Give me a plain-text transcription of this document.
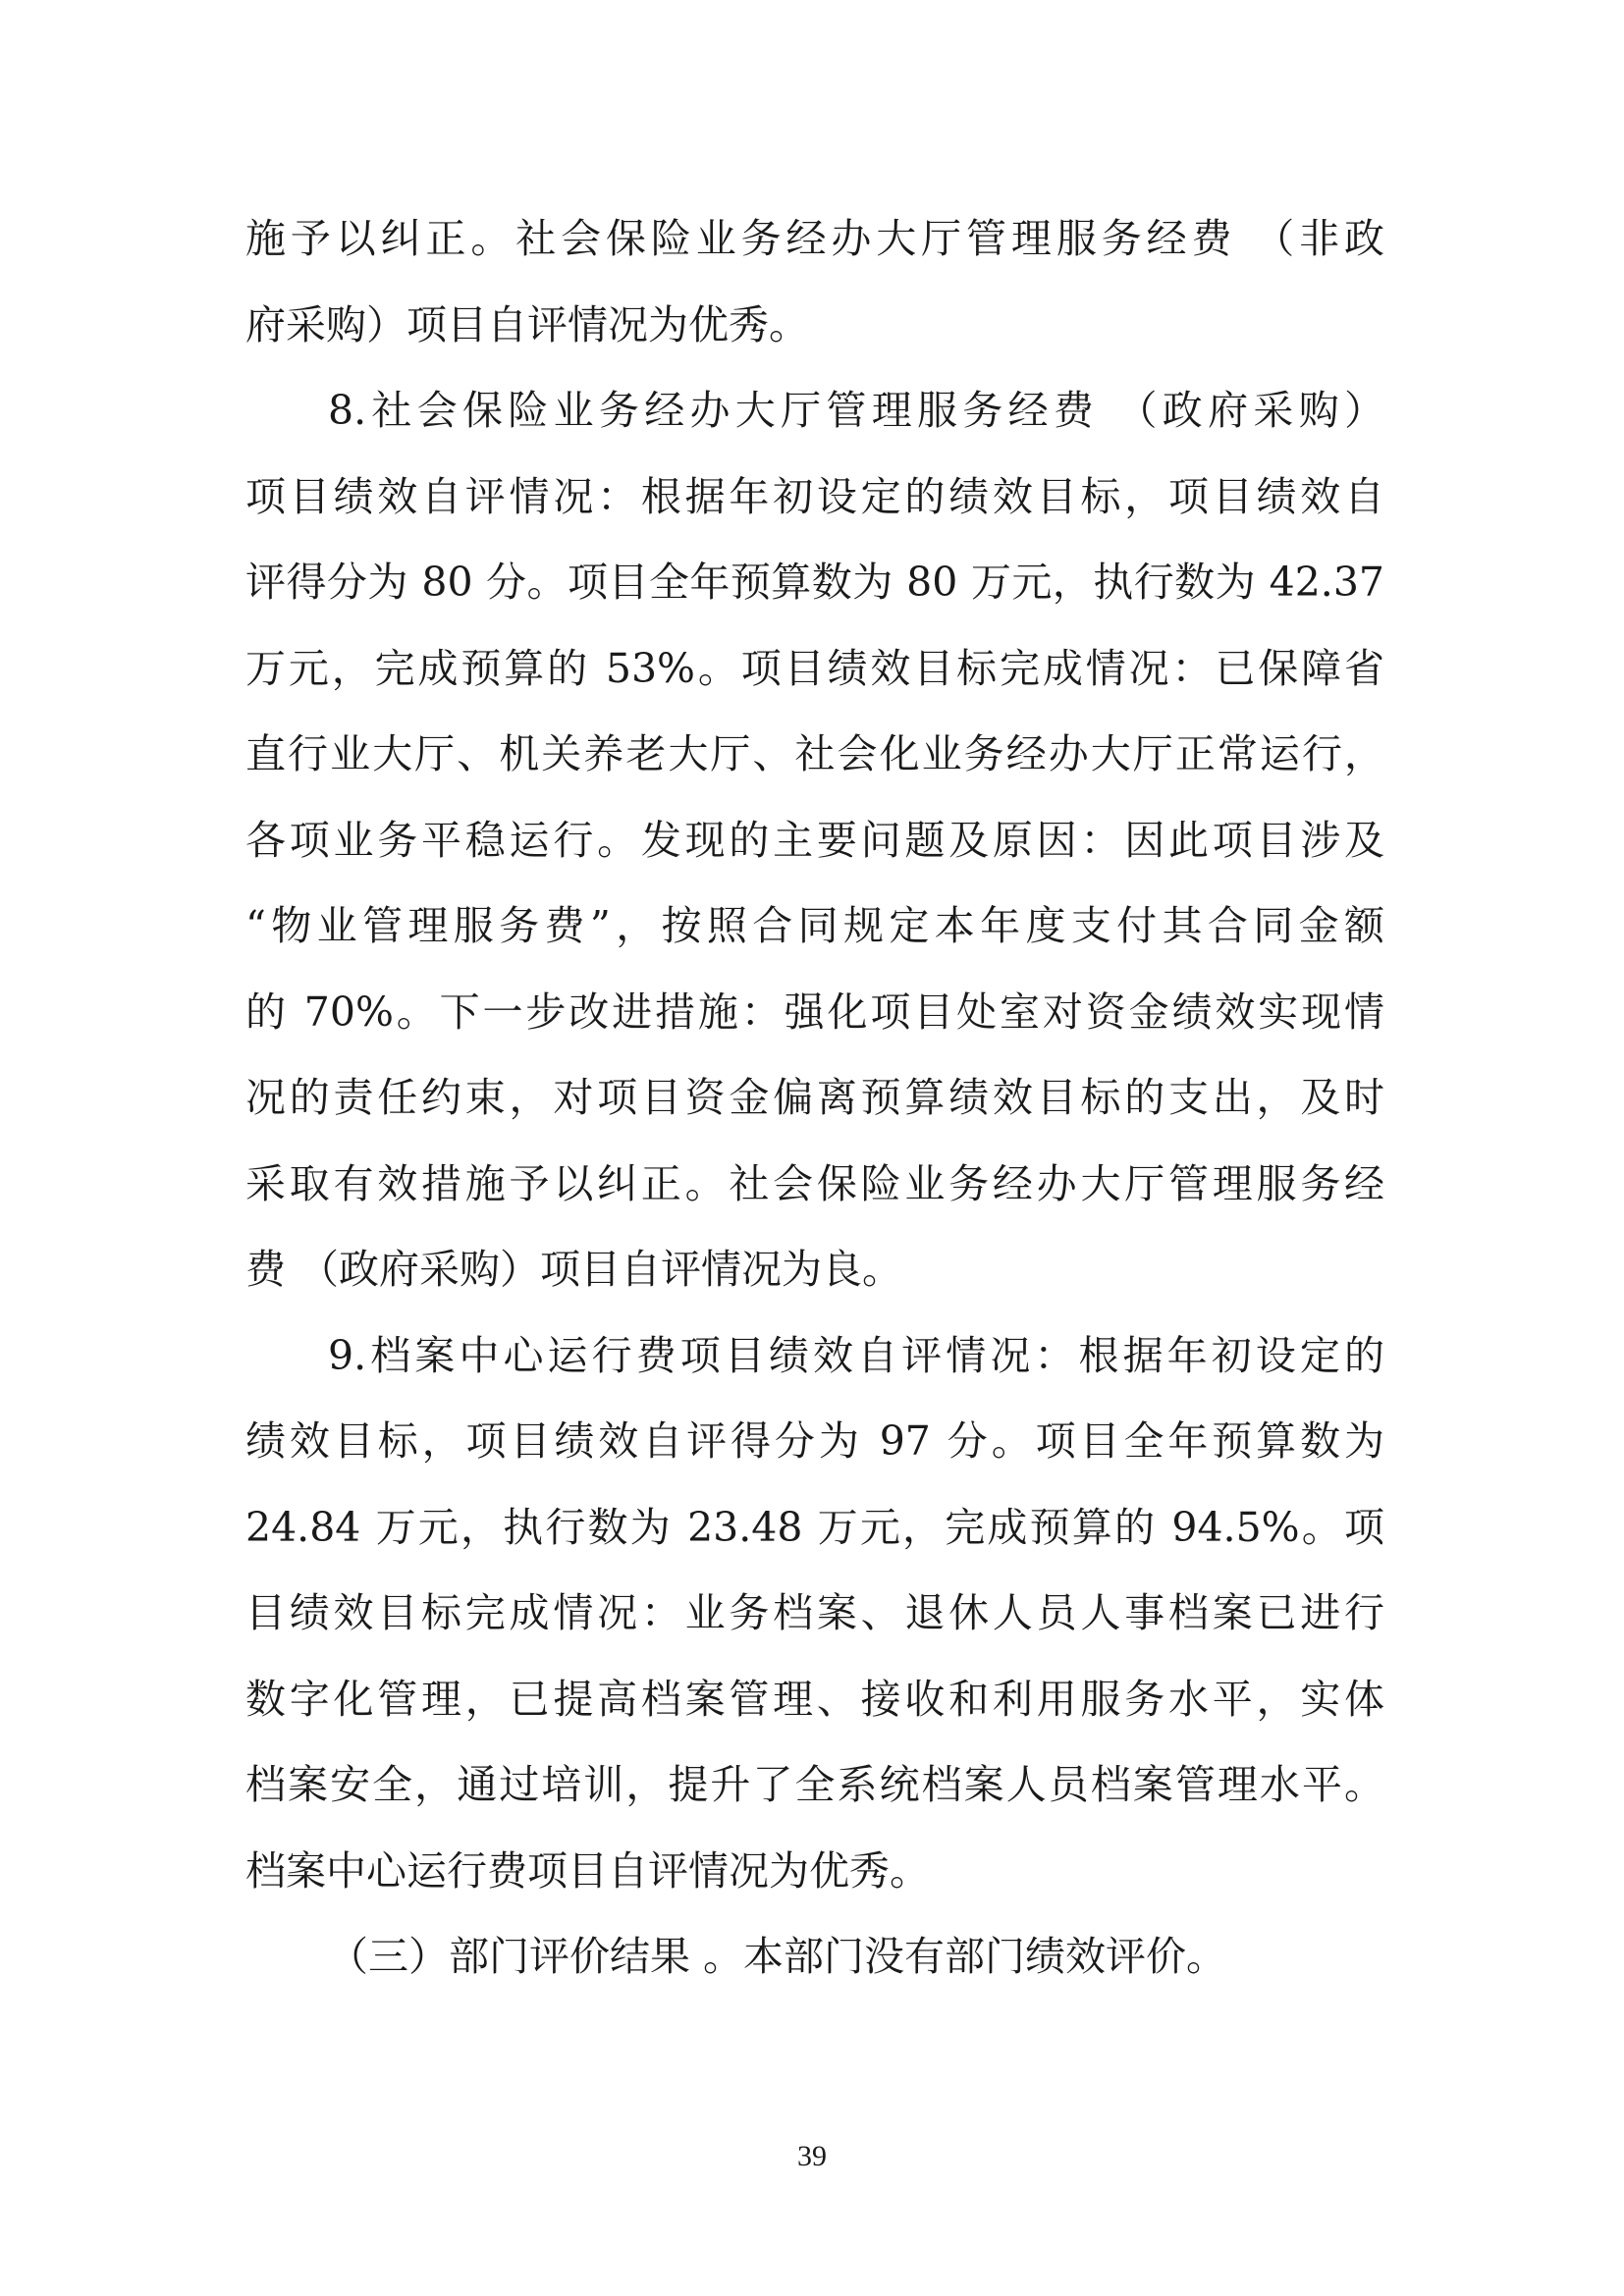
施予以纠正。社会保险业务经办大厅管理服务经费 （非政
府采购）项目自评情况为优秀。
8.社会保险业务经办大厅管理服务经费 （政府采购）
项目绩效自评情况：根据年初设定的绩效目标，项目绩效自
评得分为 80 分。项目全年预算数为 80 万元，执行数为 42.37
万元，完成预算的 53%。项目绩效目标完成情况：已保障省
直行业大厅、机关养老大厅、社会化业务经办大厅正常运行，
各项业务平稳运行。发现的主要问题及原因：因此项目涉及
“物业管理服务费”，按照合同规定本年度支付其合同金额
的 70%。下一步改进措施：强化项目处室对资金绩效实现情
况的责任约束，对项目资金偏离预算绩效目标的支出，及时
采取有效措施予以纠正。社会保险业务经办大厅管理服务经
费 （政府采购）项目自评情况为良。
9.档案中心运行费项目绩效自评情况：根据年初设定的
绩效目标，项目绩效自评得分为 97 分。项目全年预算数为
24.84 万元，执行数为 23.48 万元，完成预算的 94.5%。项
目绩效目标完成情况：业务档案、退休人员人事档案已进行
数字化管理，已提高档案管理、接收和利用服务水平，实体
档案安全，通过培训，提升了全系统档案人员档案管理水平。
档案中心运行费项目自评情况为优秀。
（三）部门评价结果 。本部门没有部门绩效评价。
39
